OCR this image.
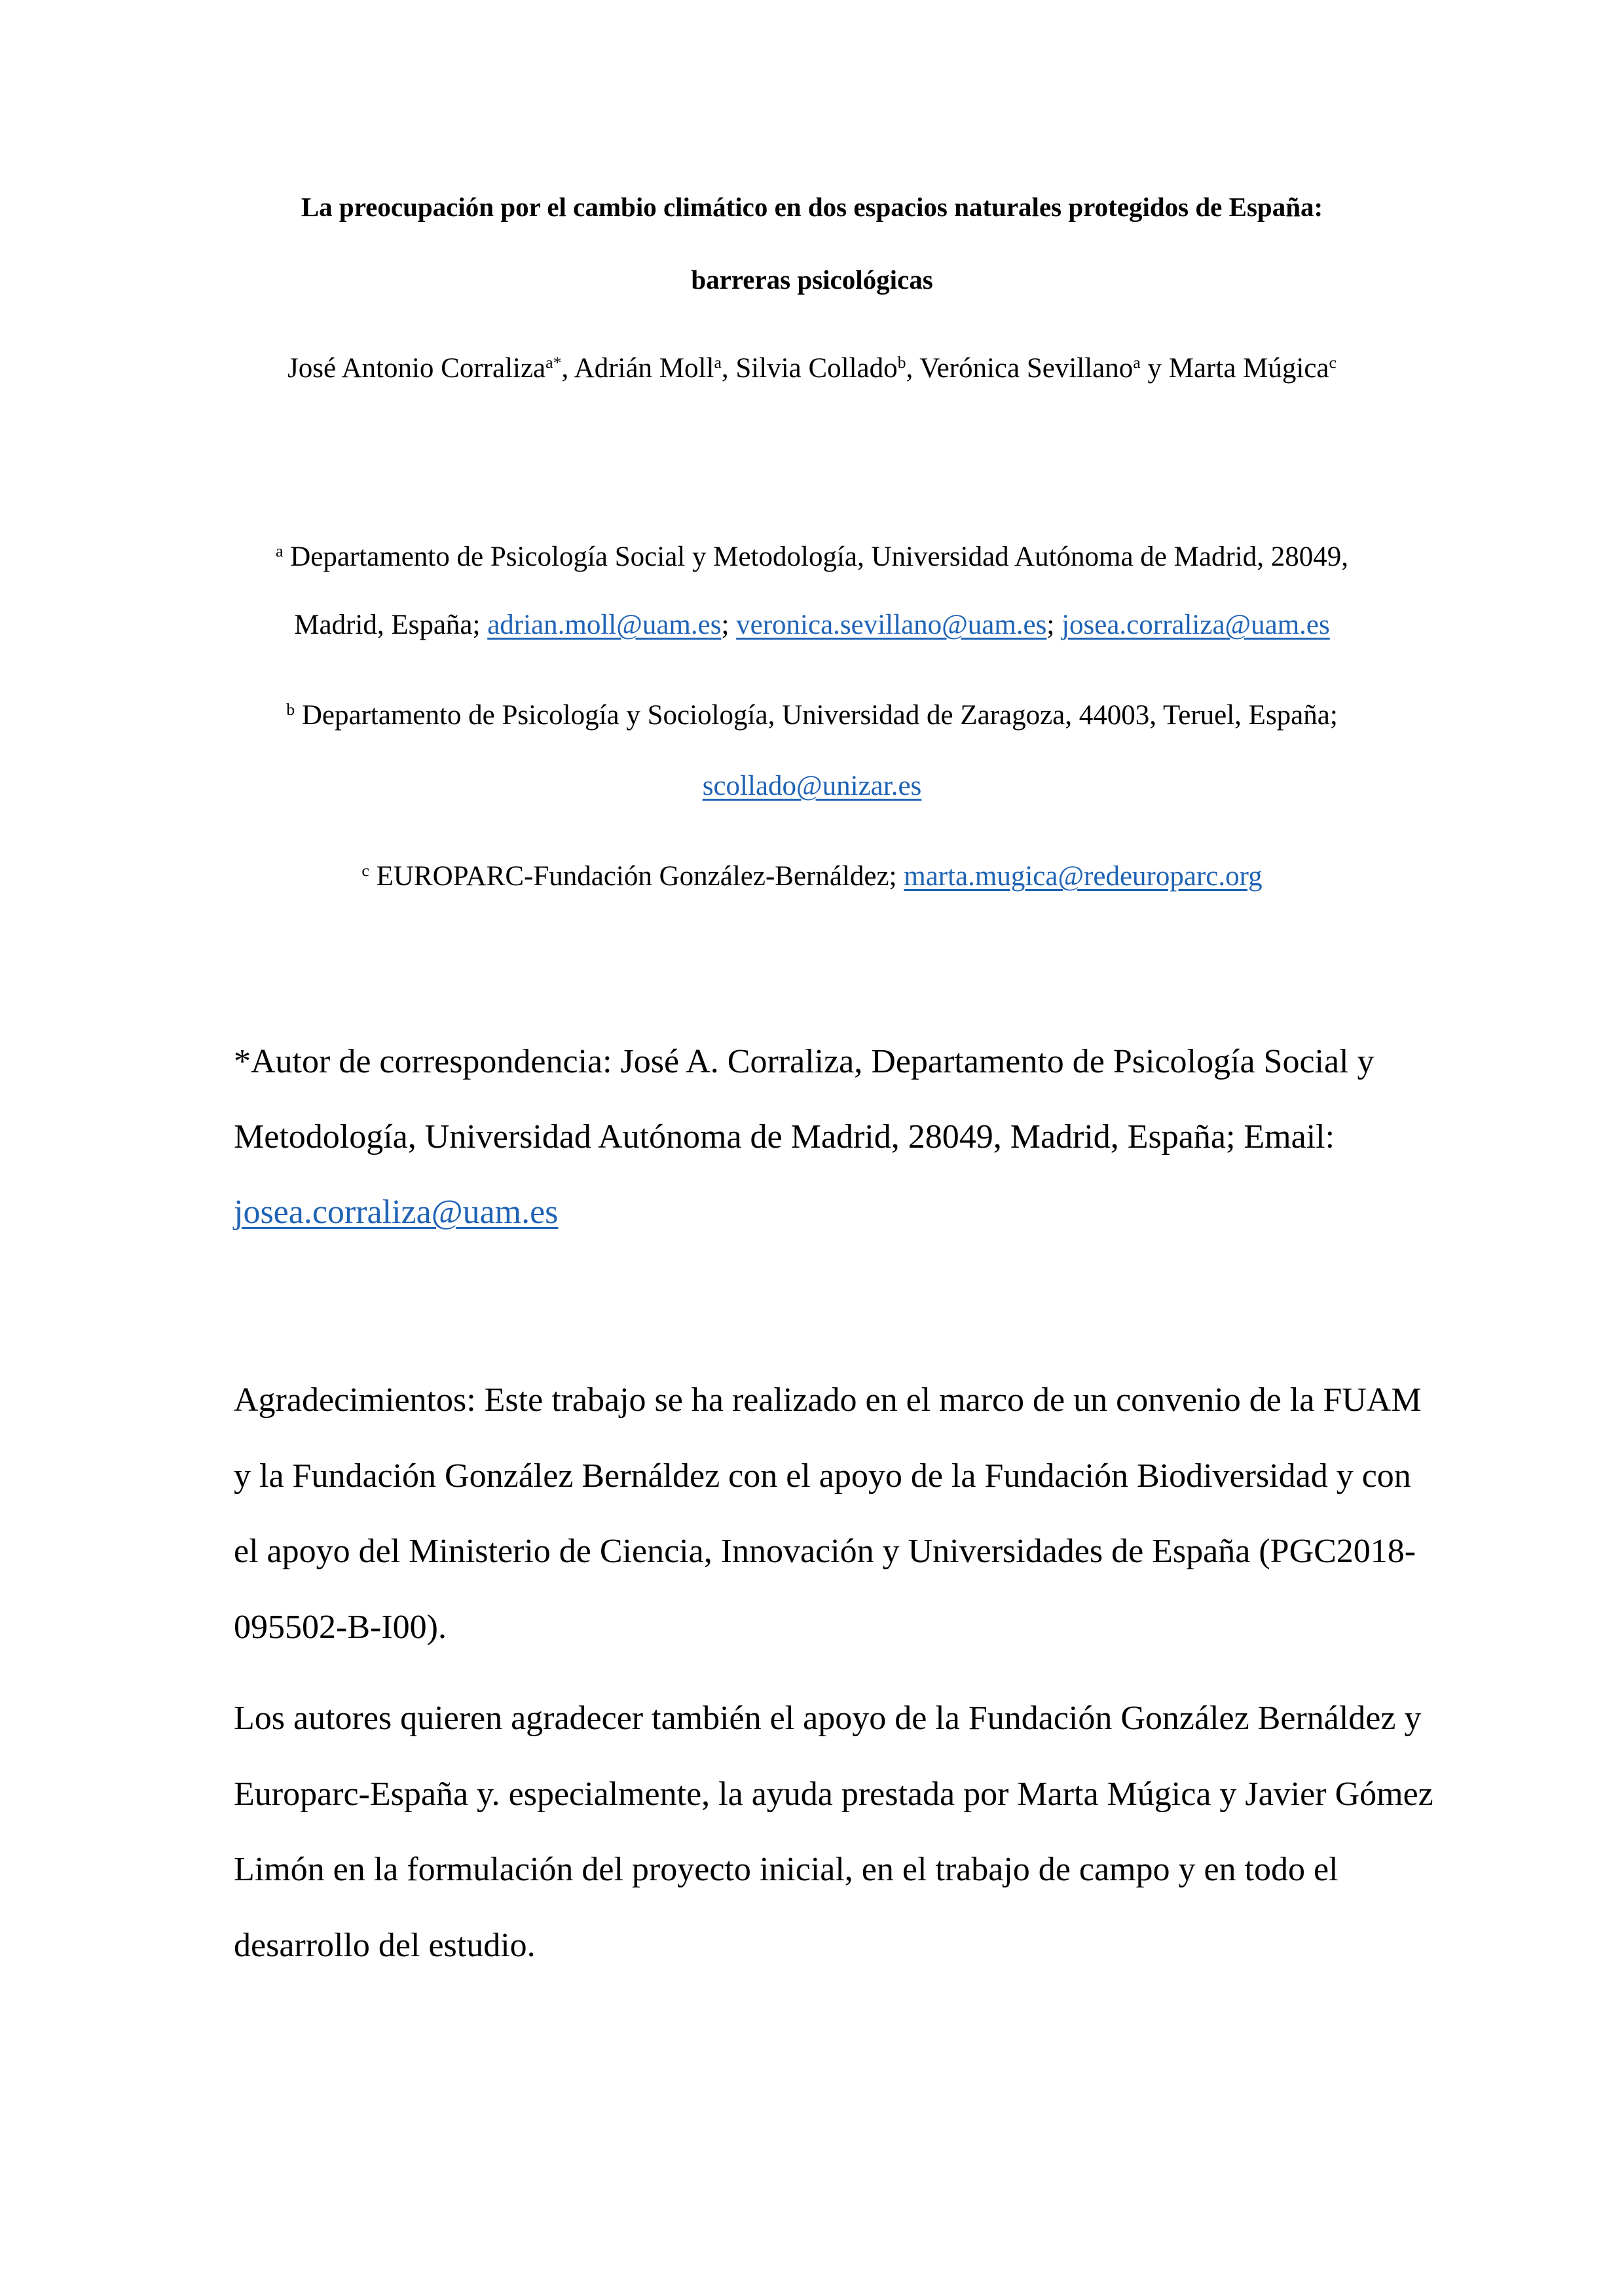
La preocupación por el cambio climático en dos espacios naturales protegidos de España:
barreras psicológicas
José Antonio Corraliza$^{a*}$, Adrián Moll$^a$, Silvia Collado$^b$, Verónica Sevillano$^a$ y Marta Múgica$^c$
$^a$ Departamento de Psicología Social y Metodología, Universidad Autónoma de Madrid, 28049,
Madrid, España; adrian.moll@uam.es; veronica.sevillano@uam.es; josea.corraliza@uam.es
$^b$ Departamento de Psicología y Sociología, Universidad de Zaragoza, 44003, Teruel, España;
scollado@unizar.es
$^c$ EUROPARC-Fundación González-Bernáldez; marta.mugica@redeuroparc.org
*Autor de correspondencia: José A. Corraliza, Departamento de Psicología Social y
Metodología, Universidad Autónoma de Madrid, 28049, Madrid, España; Email:
josea.corraliza@uam.es
Agradecimientos: Este trabajo se ha realizado en el marco de un convenio de la FUAM
y la Fundación González Bernáldez con el apoyo de la Fundación Biodiversidad y con
el apoyo del Ministerio de Ciencia, Innovación y Universidades de España (PGC2018-
095502-B-I00).
Los autores quieren agradecer también el apoyo de la Fundación González Bernáldez y
Europarc-España y. especialmente, la ayuda prestada por Marta Múgica y Javier Gómez
Limón en la formulación del proyecto inicial, en el trabajo de campo y en todo el
desarrollo del estudio.
